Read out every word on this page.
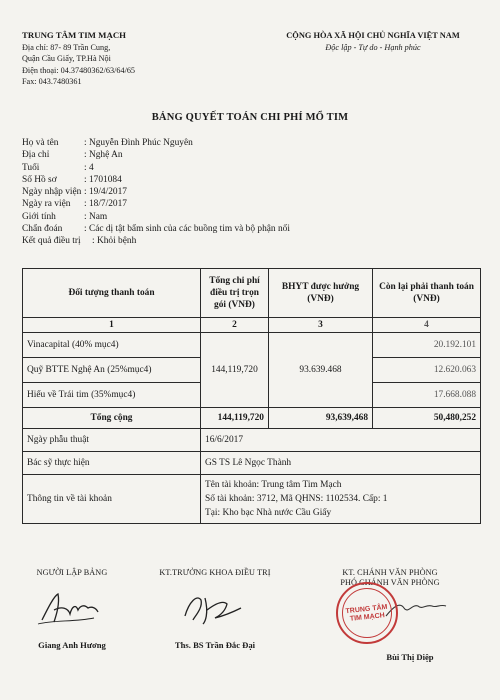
TRUNG TÂM TIM MẠCH
Địa chỉ: 87- 89 Trần Cung,
Quận Cầu Giấy, TP.Hà Nội
Điện thoại: 04.37480362/63/64/65
Fax: 043.7480361
CỘNG HÒA XÃ HỘI CHỦ NGHĨA VIỆT NAM
Độc lập - Tự do - Hạnh phúc
BẢNG QUYẾT TOÁN CHI PHÍ MỔ TIM
Họ và tên	: Nguyễn Đình Phúc Nguyên
Địa chỉ	: Nghệ An
Tuổi	: 4
Số Hồ sơ	: 1701084
Ngày nhập viện : 19/4/2017
Ngày ra viện	: 18/7/2017
Giới tính	: Nam
Chẩn đoán	: Các dị tật bẩm sinh của các buồng tim và bộ phận nối
Kết quả điều trị	: Khỏi bệnh
Đối tượng thanh toán	Tổng chi phí điều trị trọn gói (VNĐ)	BHYT được hưởng (VNĐ)	Còn lại phải thanh toán (VNĐ)
1	2	3	4
Vinacapital (40% mục4)	144,119,720	93.639.468	20.192.101
Quỹ BTTE Nghệ An (25%mục4)			12.620.063
Hiểu về Trái tim (35%mục4)			17.668.088
Tổng cộng	144,119,720	93,639,468	50,480,252
Ngày phẫu thuật	16/6/2017		
Bác sỹ thực hiện	GS TS Lê Ngọc Thành		
Thông tin về tài khoản	Tên tài khoản: Trung tâm Tim Mạch
Số tài khoản: 3712, Mã QHNS: 1102534. Cấp: 1
Tại: Kho bạc Nhà nước Cầu Giấy		
NGƯỜI LẬP BẢNG
Giang Anh Hương
KT.TRƯỞNG KHOA ĐIỀU TRỊ
Ths. BS Trần Đắc Đại
KT. CHÁNH VĂN PHÒNG
PHÓ CHÁNH VĂN PHÒNG
Bùi Thị Diệp
TRUNG TÂM
TIM MẠCH
